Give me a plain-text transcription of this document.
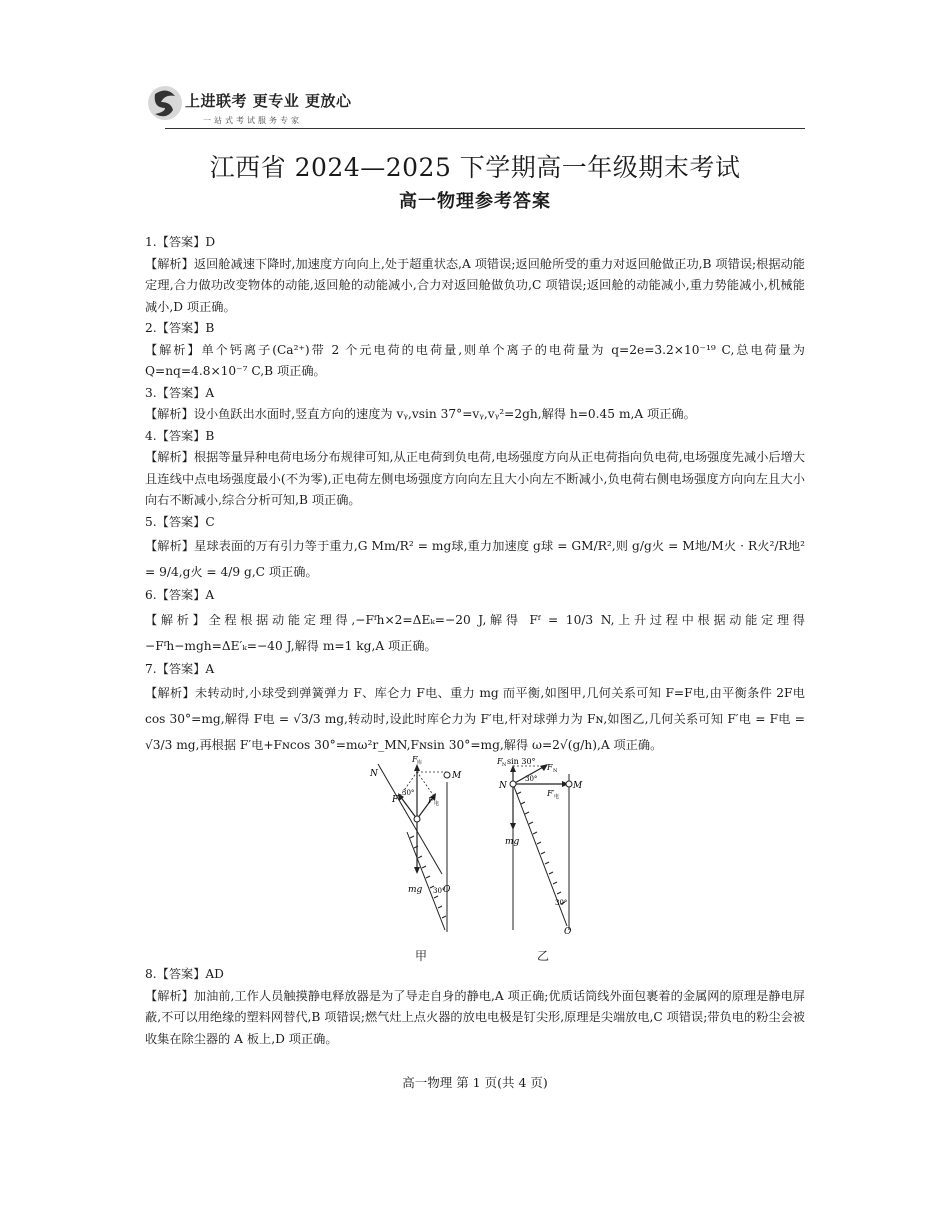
上进联考 更专业 更放心
一站式考试服务专家
江西省 2024—2025 下学期高一年级期末考试
高一物理参考答案

1.【答案】D

【解析】返回舱减速下降时,加速度方向向上,处于超重状态,A 项错误;返回舱所受的重力对返回舱做正功,B 项错误;根据动能定理,合力做功改变物体的动能,返回舱的动能减小,合力对返回舱做负功,C 项错误;返回舱的动能减小,重力势能减小,机械能减小,D 项正确。

2.【答案】B

【解析】单个钙离子(Ca²⁺)带 2 个元电荷的电荷量,则单个离子的电荷量为 q=2e=3.2×10⁻¹⁹ C,总电荷量为 Q=nq=4.8×10⁻⁷ C,B 项正确。

3.【答案】A

【解析】设小鱼跃出水面时,竖直方向的速度为 vᵧ,vsin 37°=vᵧ,vᵧ²=2gh,解得 h=0.45 m,A 项正确。

4.【答案】B

【解析】根据等量异种电荷电场分布规律可知,从正电荷到负电荷,电场强度方向从正电荷指向负电荷,电场强度先减小后增大且连线中点电场强度最小(不为零),正电荷左侧电场强度方向向左且大小向左不断减小,负电荷右侧电场强度方向向左且大小向右不断减小,综合分析可知,B 项正确。

5.【答案】C

【解析】星球表面的万有引力等于重力,G Mm/R² = mg球,重力加速度 g球 = GM/R²,则 g/g火 = M地/M火 · R火²/R地² = 9/4,g火 = 4/9 g,C 项正确。

6.【答案】A

【解析】全程根据动能定理得,−Fᶠh×2=ΔEₖ=−20 J,解得 Fᶠ = 10/3 N,上升过程中根据动能定理得−Fᶠh−mgh=ΔE′ₖ=−40 J,解得 m=1 kg,A 项正确。

7.【答案】A

【解析】未转动时,小球受到弹簧弹力 F、库仑力 F电、重力 mg 而平衡,如图甲,几何关系可知 F=F电,由平衡条件 2F电 cos 30°=mg,解得 F电 = √3/3 mg,转动时,设此时库仑力为 F′电,杆对球弹力为 Fɴ,如图乙,几何关系可知 F′电 = F电 = √3/3 mg,再根据 F′电+Fɴcos 30°=mω²r_MN,Fɴsin 30°=mg,解得 ω=2√(g/h),A 项正确。

F 库
N	M
F
30°
F 电
30°
mg O
甲
F N sin 30°
F N
N	M
30°
F′ 电
mg
30°
O
乙

8.【答案】AD

【解析】加油前,工作人员触摸静电释放器是为了导走自身的静电,A 项正确;优质话筒线外面包裹着的金属网的原理是静电屏蔽,不可以用绝缘的塑料网替代,B 项错误;燃气灶上点火器的放电电极是钉尖形,原理是尖端放电,C 项错误;带负电的粉尘会被收集在除尘器的 A 板上,D 项正确。

高一物理 第 1 页(共 4 页)
